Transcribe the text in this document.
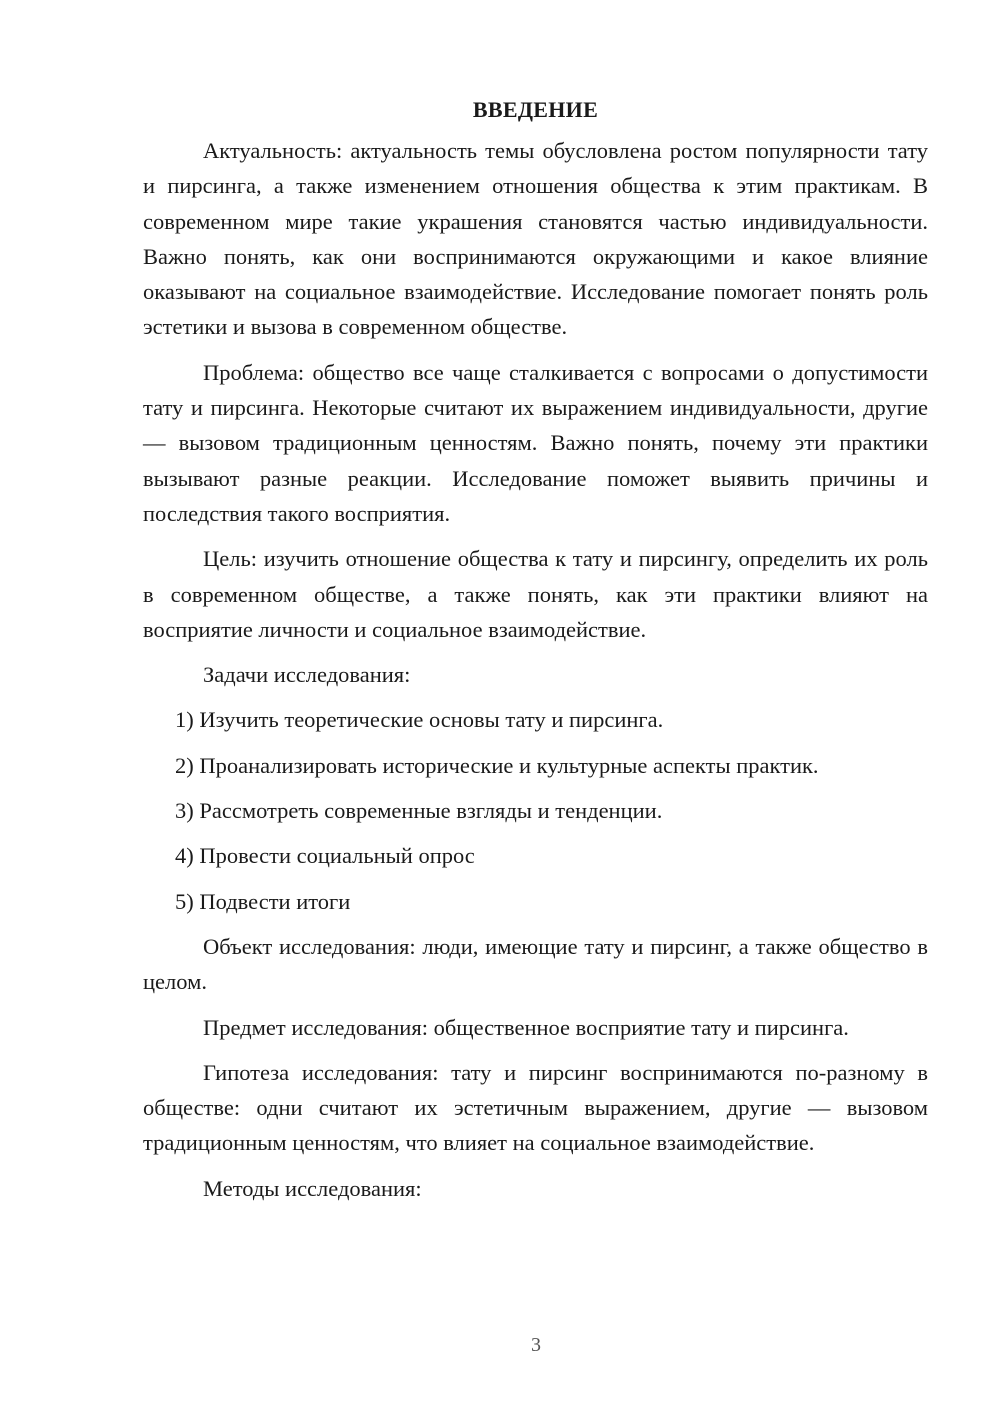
ВВЕДЕНИЕ
Актуальность: актуальность темы обусловлена ростом популярности тату и пирсинга, а также изменением отношения общества к этим практикам. В современном мире такие украшения становятся частью индивидуальности. Важно понять, как они воспринимаются окружающими и какое влияние оказывают на социальное взаимодействие. Исследование помогает понять роль эстетики и вызова в современном обществе.
Проблема: общество все чаще сталкивается с вопросами о допустимости тату и пирсинга. Некоторые считают их выражением индивидуальности, другие — вызовом традиционным ценностям. Важно понять, почему эти практики вызывают разные реакции. Исследование поможет выявить причины и последствия такого восприятия.
Цель: изучить отношение общества к тату и пирсингу, определить их роль в современном обществе, а также понять, как эти практики влияют на восприятие личности и социальное взаимодействие.
Задачи исследования:
1) Изучить теоретические основы тату и пирсинга.
2) Проанализировать исторические и культурные аспекты практик.
3) Рассмотреть современные взгляды и тенденции.
4) Провести социальный опрос
5) Подвести итоги
Объект исследования: люди, имеющие тату и пирсинг, а также общество в целом.
Предмет исследования: общественное восприятие тату и пирсинга.
Гипотеза исследования: тату и пирсинг воспринимаются по-разному в обществе: одни считают их эстетичным выражением, другие — вызовом традиционным ценностям, что влияет на социальное взаимодействие.
Методы исследования:
3
